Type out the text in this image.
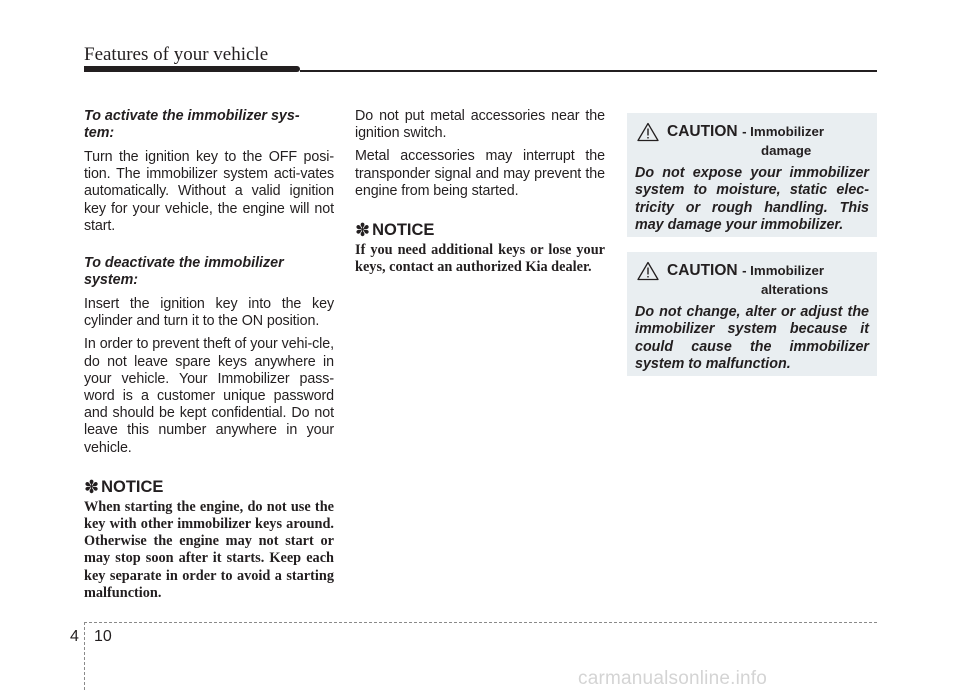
Features of your vehicle
To activate the immobilizer sys-
tem:

Turn the ignition key to the OFF posi-tion. The immobilizer system acti-vates automatically. Without a valid ignition key for your vehicle, the engine will not start.

To deactivate the immobilizer
system:

Insert the ignition key into the key cylinder and turn it to the ON position.

In order to prevent theft of your vehi-cle, do not leave spare keys anywhere in your vehicle. Your Immobilizer pass-word is a customer unique password and should be kept confidential. Do not leave this number anywhere in your vehicle.

✽ NOTICE

When starting the engine, do not use the key with other immobilizer keys around. Otherwise the engine may not start or may stop soon after it starts. Keep each key separate in order to avoid a starting malfunction.

Do not put metal accessories near the ignition switch.

Metal accessories may interrupt the transponder signal and may prevent the engine from being started.

✽ NOTICE

If you need additional keys or lose your keys, contact an authorized Kia dealer.

CAUTION - Immobilizer
damage

Do not expose your immobilizer system to moisture, static elec-tricity or rough handling. This may damage your immobilizer.

CAUTION - Immobilizer
alterations

Do not change, alter or adjust the immobilizer system because it could cause the immobilizer system to malfunction.

4 10
carmanualsonline.info
